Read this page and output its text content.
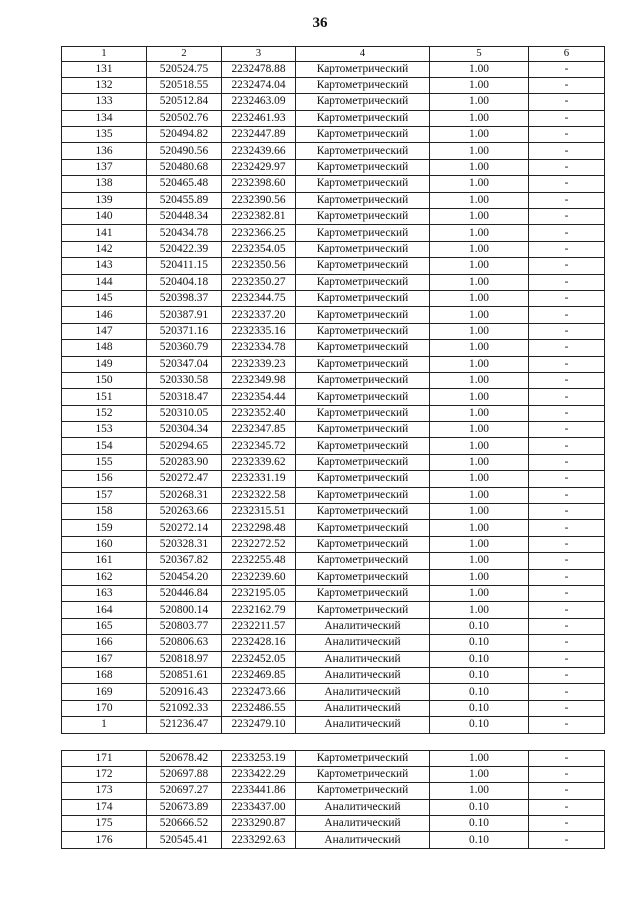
36
1	2	3	4	5	6
131	520524.75	2232478.88	Картометрический	1.00	-
132	520518.55	2232474.04	Картометрический	1.00	-
133	520512.84	2232463.09	Картометрический	1.00	-
134	520502.76	2232461.93	Картометрический	1.00	-
135	520494.82	2232447.89	Картометрический	1.00	-
136	520490.56	2232439.66	Картометрический	1.00	-
137	520480.68	2232429.97	Картометрический	1.00	-
138	520465.48	2232398.60	Картометрический	1.00	-
139	520455.89	2232390.56	Картометрический	1.00	-
140	520448.34	2232382.81	Картометрический	1.00	-
141	520434.78	2232366.25	Картометрический	1.00	-
142	520422.39	2232354.05	Картометрический	1.00	-
143	520411.15	2232350.56	Картометрический	1.00	-
144	520404.18	2232350.27	Картометрический	1.00	-
145	520398.37	2232344.75	Картометрический	1.00	-
146	520387.91	2232337.20	Картометрический	1.00	-
147	520371.16	2232335.16	Картометрический	1.00	-
148	520360.79	2232334.78	Картометрический	1.00	-
149	520347.04	2232339.23	Картометрический	1.00	-
150	520330.58	2232349.98	Картометрический	1.00	-
151	520318.47	2232354.44	Картометрический	1.00	-
152	520310.05	2232352.40	Картометрический	1.00	-
153	520304.34	2232347.85	Картометрический	1.00	-
154	520294.65	2232345.72	Картометрический	1.00	-
155	520283.90	2232339.62	Картометрический	1.00	-
156	520272.47	2232331.19	Картометрический	1.00	-
157	520268.31	2232322.58	Картометрический	1.00	-
158	520263.66	2232315.51	Картометрический	1.00	-
159	520272.14	2232298.48	Картометрический	1.00	-
160	520328.31	2232272.52	Картометрический	1.00	-
161	520367.82	2232255.48	Картометрический	1.00	-
162	520454.20	2232239.60	Картометрический	1.00	-
163	520446.84	2232195.05	Картометрический	1.00	-
164	520800.14	2232162.79	Картометрический	1.00	-
165	520803.77	2232211.57	Аналитический	0.10	-
166	520806.63	2232428.16	Аналитический	0.10	-
167	520818.97	2232452.05	Аналитический	0.10	-
168	520851.61	2232469.85	Аналитический	0.10	-
169	520916.43	2232473.66	Аналитический	0.10	-
170	521092.33	2232486.55	Аналитический	0.10	-
1	521236.47	2232479.10	Аналитический	0.10	-

171	520678.42	2233253.19	Картометрический	1.00	-
172	520697.88	2233422.29	Картометрический	1.00	-
173	520697.27	2233441.86	Картометрический	1.00	-
174	520673.89	2233437.00	Аналитический	0.10	-
175	520666.52	2233290.87	Аналитический	0.10	-
176	520545.41	2233292.63	Аналитический	0.10	-
